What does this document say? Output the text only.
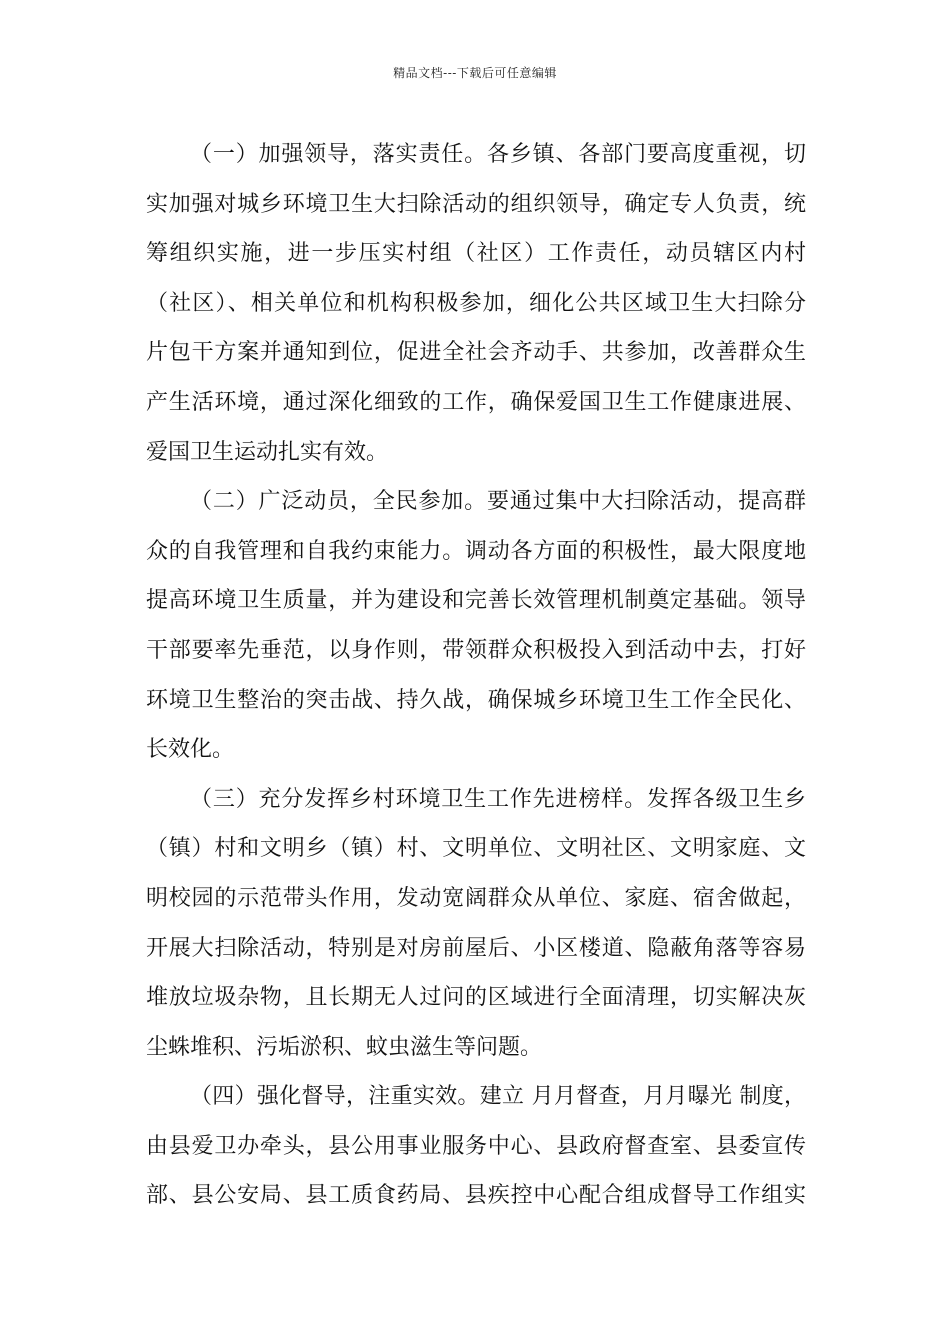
精品文档---下载后可任意编辑
（一）加强领导，落实责任。各乡镇、各部门要高度重视，切
实加强对城乡环境卫生大扫除活动的组织领导，确定专人负责，统
筹组织实施，进一步压实村组（社区）工作责任，动员辖区内村
（社区）、相关单位和机构积极参加，细化公共区域卫生大扫除分
片包干方案并通知到位，促进全社会齐动手、共参加，改善群众生
产生活环境，通过深化细致的工作，确保爱国卫生工作健康进展、
爱国卫生运动扎实有效。
（二）广泛动员，全民参加。要通过集中大扫除活动，提高群
众的自我管理和自我约束能力。调动各方面的积极性，最大限度地
提高环境卫生质量，并为建设和完善长效管理机制奠定基础。领导
干部要率先垂范，以身作则，带领群众积极投入到活动中去，打好
环境卫生整治的突击战、持久战，确保城乡环境卫生工作全民化、
长效化。
（三）充分发挥乡村环境卫生工作先进榜样。发挥各级卫生乡
（镇）村和文明乡（镇）村、文明单位、文明社区、文明家庭、文
明校园的示范带头作用，发动宽阔群众从单位、家庭、宿舍做起，
开展大扫除活动，特别是对房前屋后、小区楼道、隐蔽角落等容易
堆放垃圾杂物，且长期无人过问的区域进行全面清理，切实解决灰
尘蛛堆积、污垢淤积、蚊虫滋生等问题。
（四）强化督导，注重实效。建立 月月督查，月月曝光 制度，
由县爱卫办牵头，县公用事业服务中心、县政府督查室、县委宣传
部、县公安局、县工质食药局、县疾控中心配合组成督导工作组实
